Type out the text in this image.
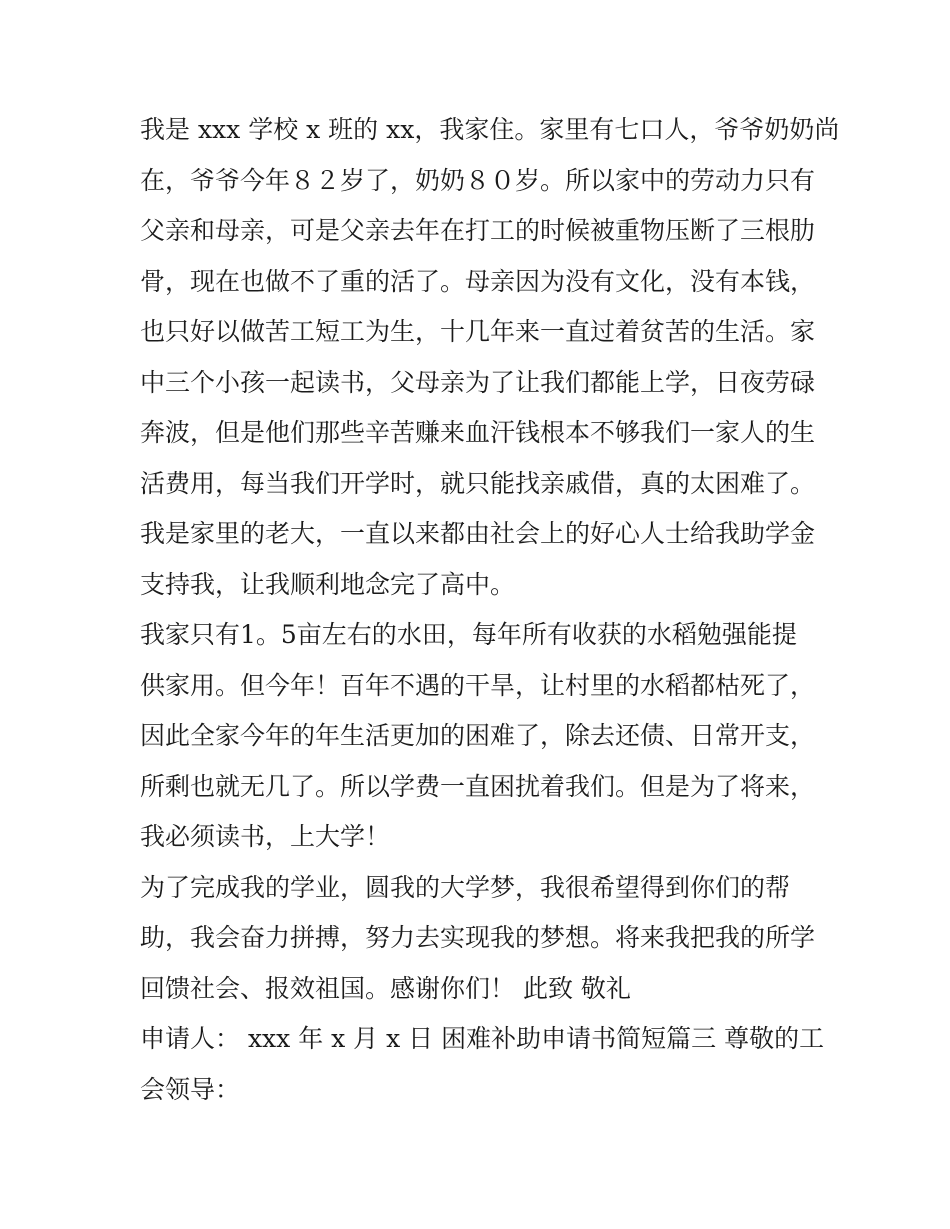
我是 xxx 学校 x 班的 xx，我家住。家里有七口人，爷爷奶奶尚
在，爷爷今年８２岁了，奶奶８０岁。所以家中的劳动力只有
父亲和母亲，可是父亲去年在打工的时候被重物压断了三根肋
骨，现在也做不了重的活了。母亲因为没有文化，没有本钱，
也只好以做苦工短工为生，十几年来一直过着贫苦的生活。家
中三个小孩一起读书，父母亲为了让我们都能上学，日夜劳碌
奔波，但是他们那些辛苦赚来血汗钱根本不够我们一家人的生
活费用，每当我们开学时，就只能找亲戚借，真的太困难了。
我是家里的老大，一直以来都由社会上的好心人士给我助学金
支持我，让我顺利地念完了高中。
我家只有1。5亩左右的水田，每年所有收获的水稻勉强能提
供家用。但今年！百年不遇的干旱，让村里的水稻都枯死了，
因此全家今年的年生活更加的困难了，除去还债、日常开支，
所剩也就无几了。所以学费一直困扰着我们。但是为了将来，
我必须读书，上大学！
为了完成我的学业，圆我的大学梦，我很希望得到你们的帮
助，我会奋力拼搏，努力去实现我的梦想。将来我把我的所学
回馈社会、报效祖国。感谢你们！ 此致 敬礼
申请人： xxx 年 x 月 x 日 困难补助申请书简短篇三 尊敬的工
会领导：
